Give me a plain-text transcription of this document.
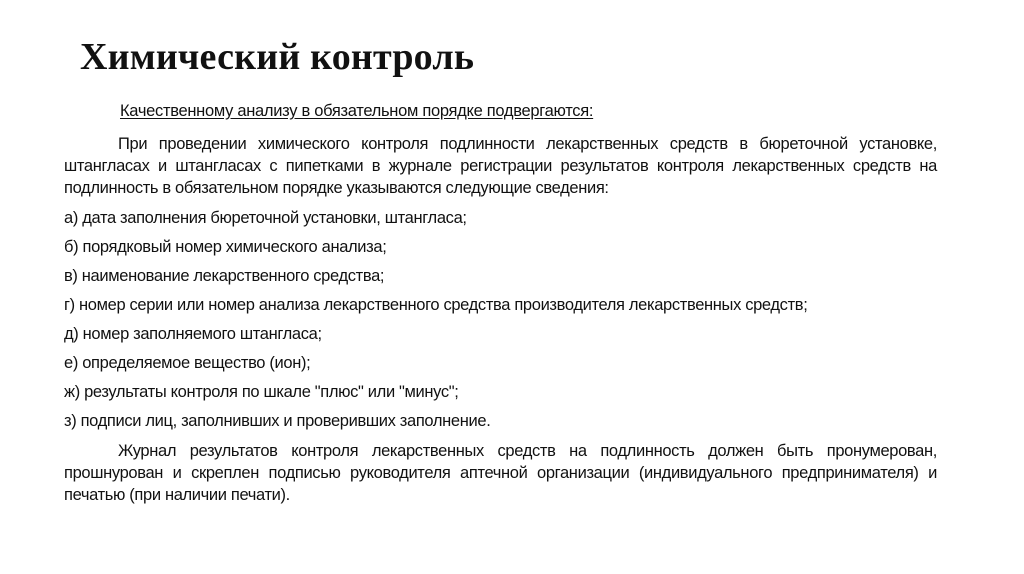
Химический контроль
Качественному анализу в обязательном порядке подвергаются:

При проведении химического контроля подлинности лекарственных средств в бюреточной установке, штангласах и штангласах с пипетками в журнале регистрации результатов контроля лекарственных средств на подлинность в обязательном порядке указываются следующие сведения:

а) дата заполнения бюреточной установки, штангласа;
б) порядковый номер химического анализа;
в) наименование лекарственного средства;
г) номер серии или номер анализа лекарственного средства производителя лекарственных средств;
д) номер заполняемого штангласа;
е) определяемое вещество (ион);
ж) результаты контроля по шкале "плюс" или "минус";
з) подписи лиц, заполнивших и проверивших заполнение.

Журнал результатов контроля лекарственных средств на подлинность должен быть пронумерован, прошнурован и скреплен подписью руководителя аптечной организации (индивидуального предпринимателя) и печатью (при наличии печати).
